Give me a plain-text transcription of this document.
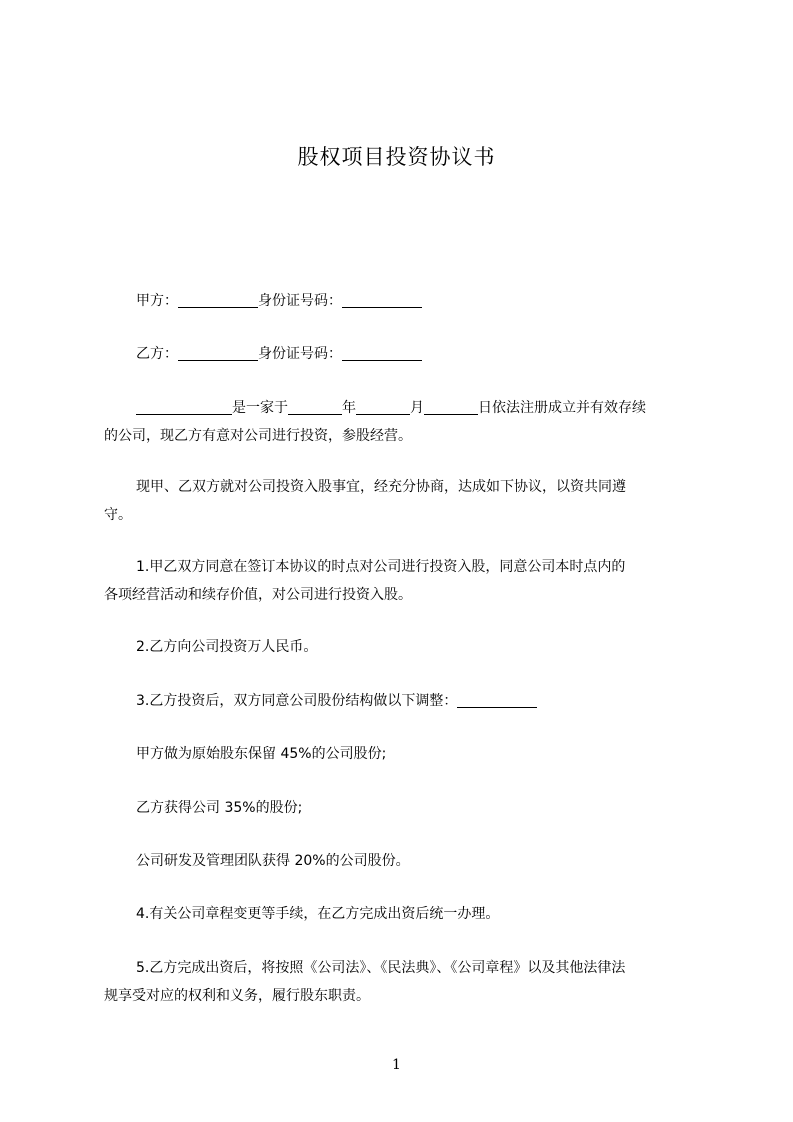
股权项目投资协议书
甲方：	身份证号码：
乙方：	身份证号码：
是一家于	年	月	日依法注册成立并有效存续
的公司，现乙方有意对公司进行投资，参股经营。
现甲、乙双方就对公司投资入股事宜，经充分协商，达成如下协议，以资共同遵
守。
1.甲乙双方同意在签订本协议的时点对公司进行投资入股，同意公司本时点内的
各项经营活动和续存价值，对公司进行投资入股。
2.乙方向公司投资万人民币。
3.乙方投资后，双方同意公司股份结构做以下调整：
甲方做为原始股东保留 45%的公司股份;
乙方获得公司 35%的股份;
公司研发及管理团队获得 20%的公司股份。
4.有关公司章程变更等手续，在乙方完成出资后统一办理。
5.乙方完成出资后，将按照《公司法》、《民法典》、《公司章程》以及其他法律法
规享受对应的权利和义务，履行股东职责。
1
